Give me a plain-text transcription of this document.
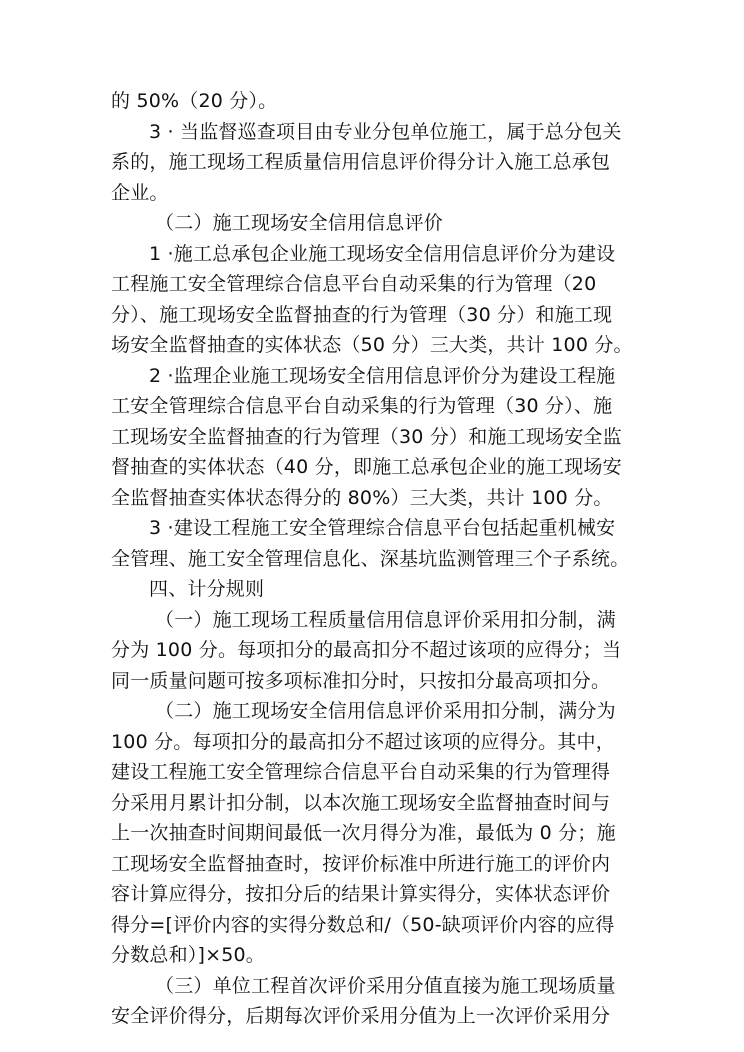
的 50%（20 分）。
3 · 当监督巡查项目由专业分包单位施工，属于总分包关
系的，施工现场工程质量信用信息评价得分计入施工总承包
企业。
（二）施工现场安全信用信息评价
1 ·施工总承包企业施工现场安全信用信息评价分为建设
工程施工安全管理综合信息平台自动采集的行为管理（20
分）、施工现场安全监督抽查的行为管理（30 分）和施工现
场安全监督抽查的实体状态（50 分）三大类，共计 100 分。
2 ·监理企业施工现场安全信用信息评价分为建设工程施
工安全管理综合信息平台自动采集的行为管理（30 分）、施
工现场安全监督抽查的行为管理（30 分）和施工现场安全监
督抽查的实体状态（40 分，即施工总承包企业的施工现场安
全监督抽查实体状态得分的 80%）三大类，共计 100 分。
3 ·建设工程施工安全管理综合信息平台包括起重机械安
全管理、施工安全管理信息化、深基坑监测管理三个子系统。
四、计分规则
（一）施工现场工程质量信用信息评价采用扣分制，满
分为 100 分。每项扣分的最高扣分不超过该项的应得分；当
同一质量问题可按多项标准扣分时，只按扣分最高项扣分。
（二）施工现场安全信用信息评价采用扣分制，满分为
100 分。每项扣分的最高扣分不超过该项的应得分。其中，
建设工程施工安全管理综合信息平台自动采集的行为管理得
分采用月累计扣分制，以本次施工现场安全监督抽查时间与
上一次抽查时间期间最低一次月得分为准，最低为 0 分；施
工现场安全监督抽查时，按评价标准中所进行施工的评价内
容计算应得分，按扣分后的结果计算实得分，实体状态评价
得分=[评价内容的实得分数总和/（50-缺项评价内容的应得
分数总和）]×50。
（三）单位工程首次评价采用分值直接为施工现场质量
安全评价得分，后期每次评价采用分值为上一次评价采用分
